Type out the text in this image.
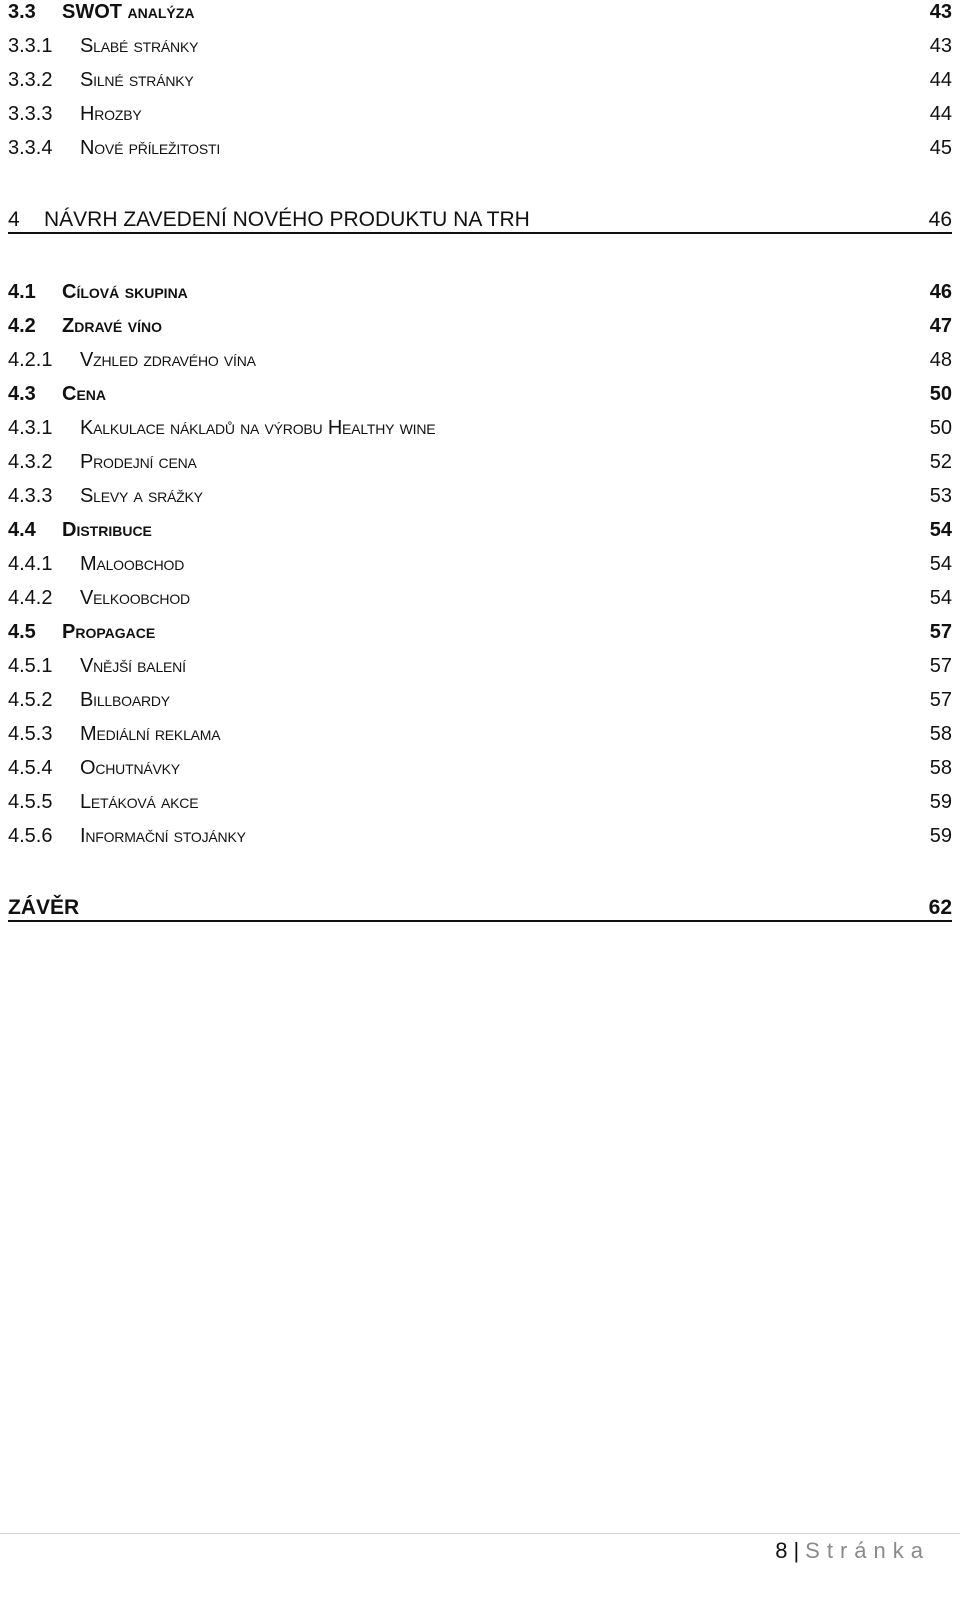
3.3	SWOT analýza	43
3.3.1	Slabé stránky	43
3.3.2	Silné stránky	44
3.3.3	Hrozby	44
3.3.4	Nové příležitosti	45
4	NÁVRH ZAVEDENÍ NOVÉHO PRODUKTU NA TRH	46
4.1	Cílová skupina	46
4.2	Zdravé víno	47
4.2.1	Vzhled zdravého vína	48
4.3	Cena	50
4.3.1	Kalkulace nákladů na výrobu Healthy wine	50
4.3.2	Prodejní cena	52
4.3.3	Slevy a srážky	53
4.4	Distribuce	54
4.4.1	Maloobchod	54
4.4.2	Velkoobchod	54
4.5	Propagace	57
4.5.1	Vnější balení	57
4.5.2	Billboardy	57
4.5.3	Mediální reklama	58
4.5.4	Ochutnávky	58
4.5.5	Letáková akce	59
4.5.6	Informační stojánky	59
ZÁVĚR	62
8 | Stránka
